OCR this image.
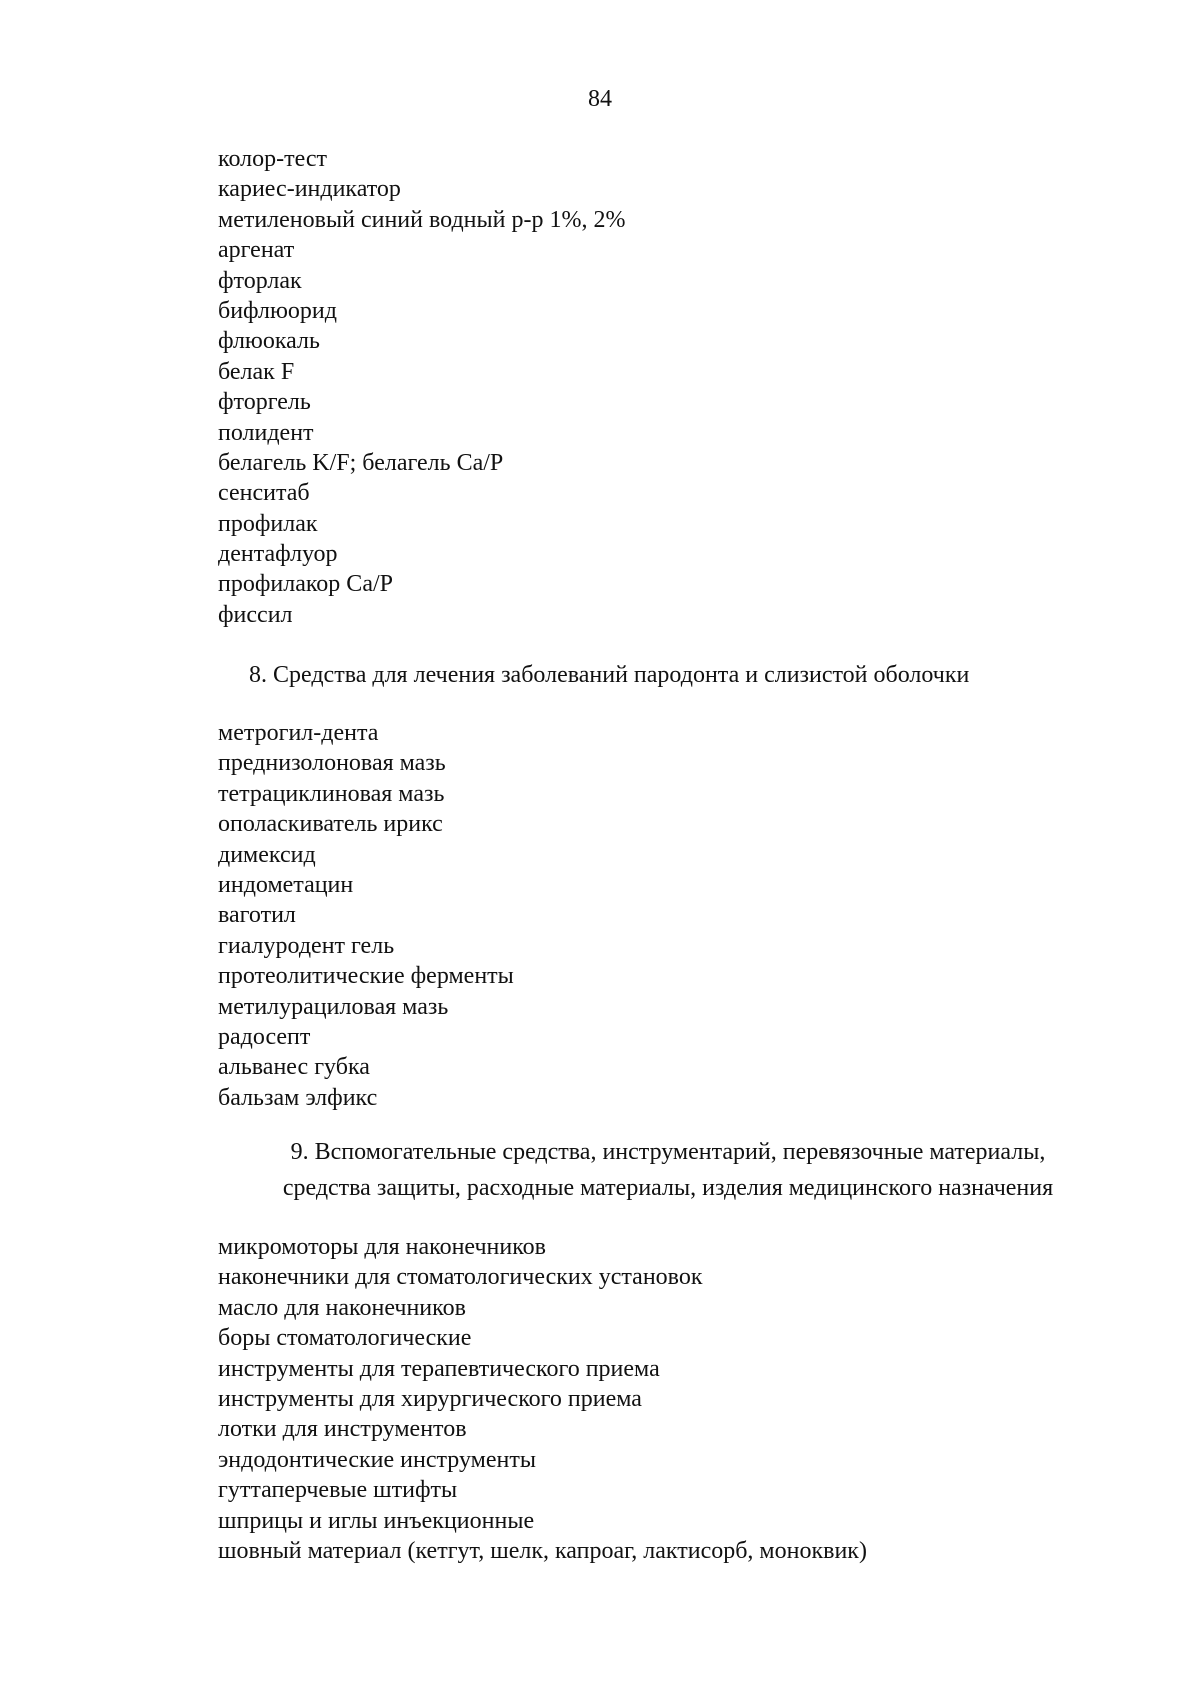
84
колор-тест
кариес-индикатор
метиленовый синий водный р-р 1%, 2%
аргенат
фторлак
бифлюорид
флюокаль
белак F
фторгель
полидент
белагель K/F; белагель Ca/P
сенситаб
профилак
дентафлуор
профилакор Ca/P
фиссил
8. Средства для лечения заболеваний пародонта и слизистой оболочки
метрогил-дента
преднизолоновая мазь
тетрациклиновая мазь
ополаскиватель ирикс
димексид
индометацин
ваготил
гиалуродент гель
протеолитические ферменты
метилурациловая мазь
радосепт
альванес губка
бальзам элфикс
9. Вспомогательные средства, инструментарий, перевязочные материалы,
средства защиты, расходные материалы, изделия медицинского назначения
микромоторы для наконечников
наконечники для стоматологических установок
масло для наконечников
боры стоматологические
инструменты для терапевтического приема
инструменты для хирургического приема
лотки для инструментов
эндодонтические инструменты
гуттаперчевые штифты
шприцы и иглы инъекционные
шовный материал (кетгут, шелк, капроаг, лактисорб, моноквик)
